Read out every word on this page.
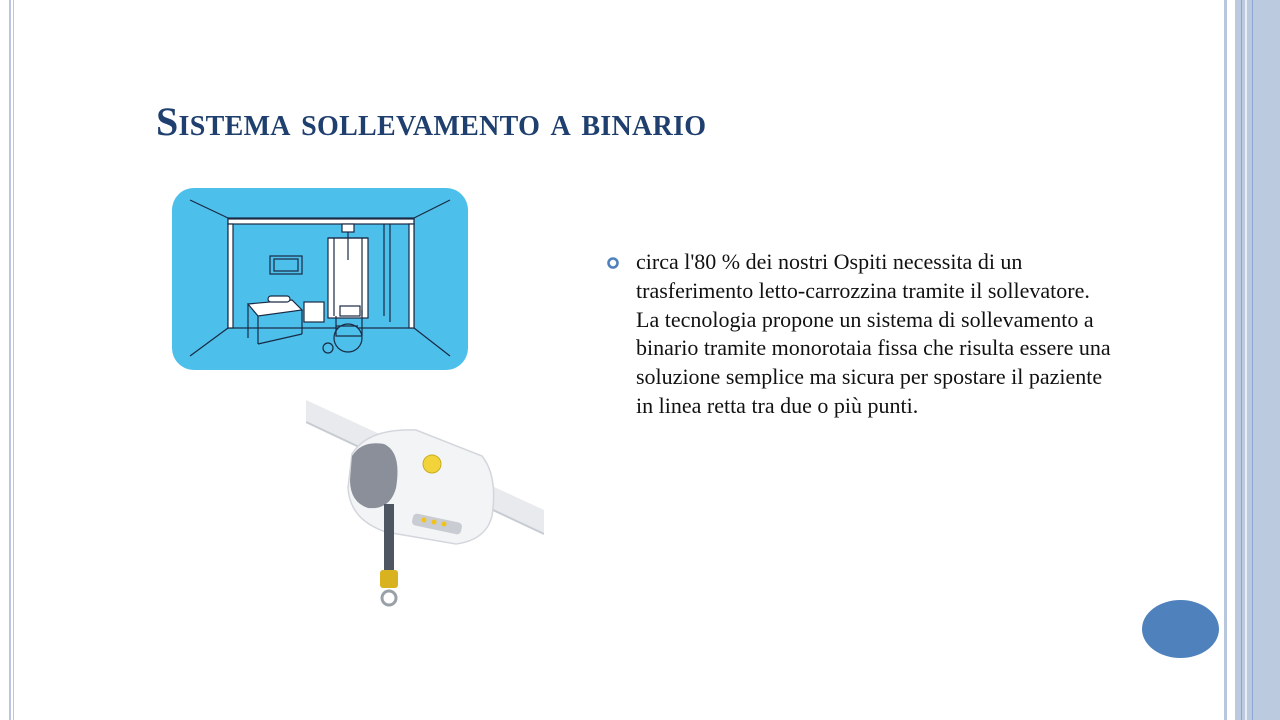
Sistema sollevamento a binario

circa l'80 % dei nostri Ospiti necessita di un trasferimento letto-carrozzina tramite il sollevatore. La tecnologia propone un sistema di sollevamento a binario tramite monorotaia fissa che risulta essere una soluzione semplice ma sicura per spostare il paziente in linea retta tra due o più punti.
